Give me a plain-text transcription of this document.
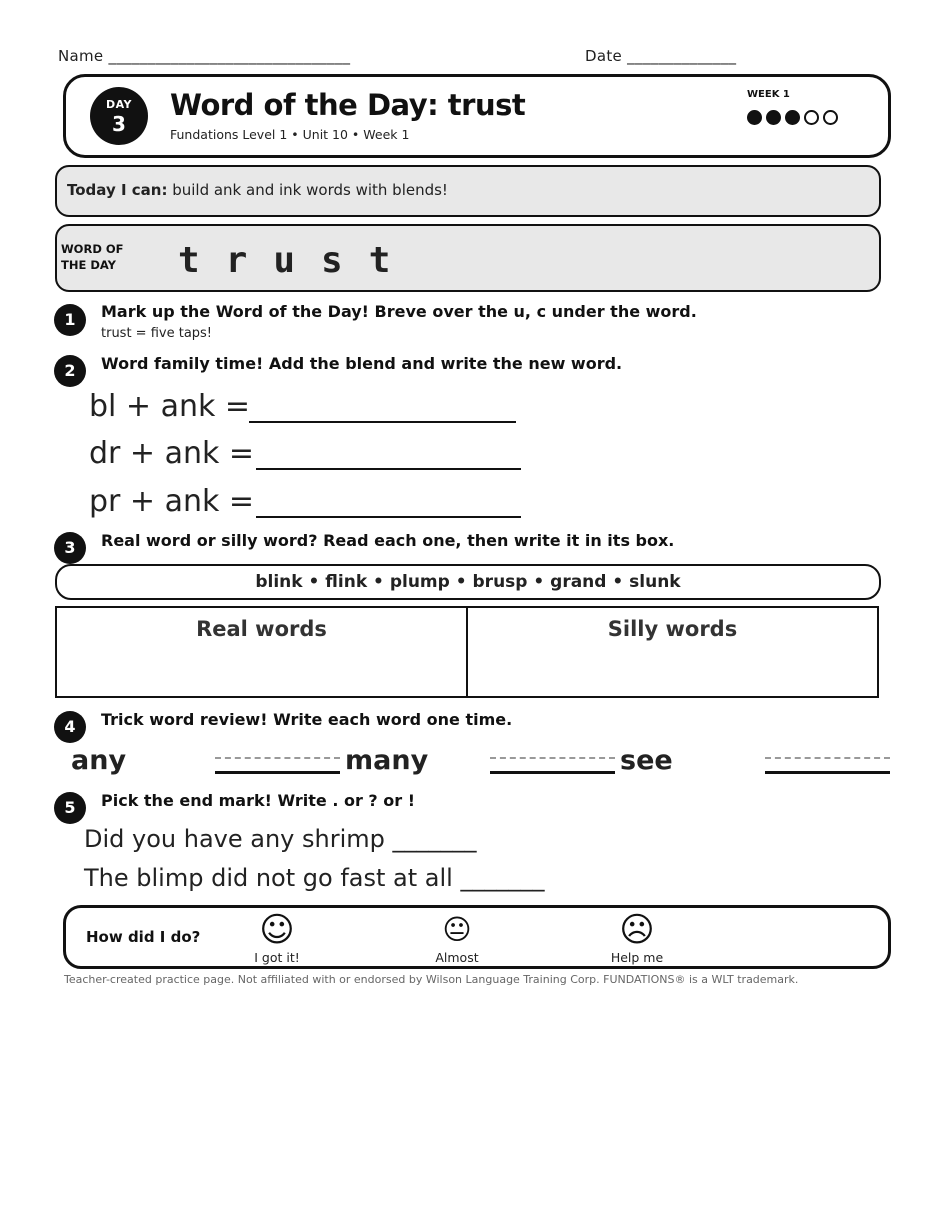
Name _______________________________	Date ______________
DAY
3
Word of the Day: trust
Fundations Level 1 • Unit 10 • Week 1
WEEK 1
Today I can: build ank and ink words with blends!
WORD OF
THE DAY trust
1	Mark up the Word of the Day! Breve over the u, c under the word.
trust = five taps!
2	Word family time! Add the blend and write the new word.
bl + ank =
dr + ank =
pr + ank =
3	Real word or silly word? Read each one, then write it in its box.
blink • flink • plump • brusp • grand • slunk
Real words	Silly words
4	Trick word review! Write each word one time.
any	many	see
5	Pick the end mark! Write . or ? or !
Did you have any shrimp _______
The blimp did not go fast at all _______
How did I do?	☺
I got it!
😐
Almost
☹
Help me
Teacher-created practice page. Not affiliated with or endorsed by Wilson Language Training Corp. FUNDATIONS® is a WLT trademark.
